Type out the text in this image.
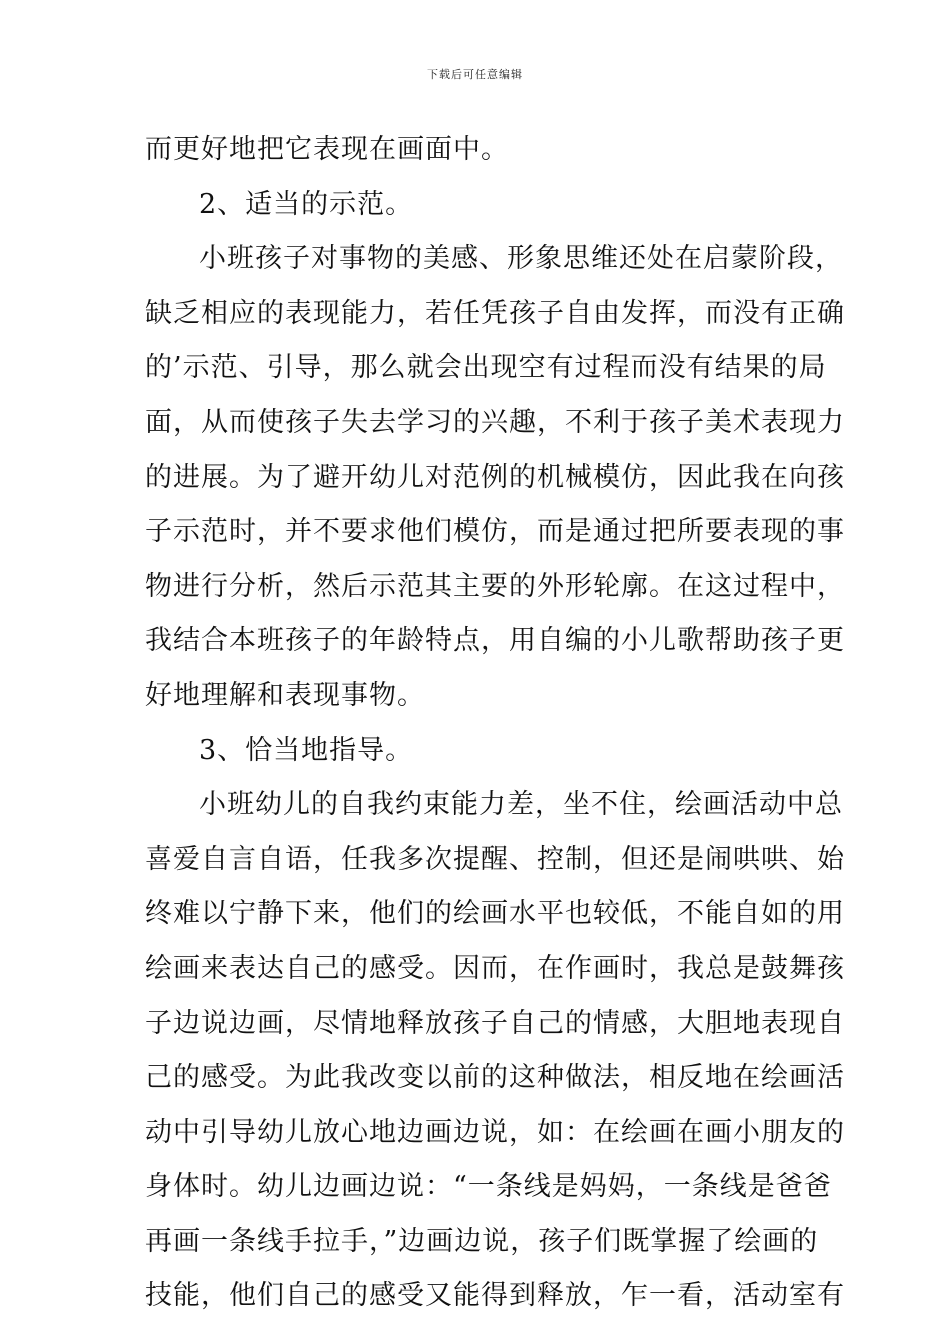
下载后可任意编辑
而更好地把它表现在画面中。
2、适当的示范。
小班孩子对事物的美感、形象思维还处在启蒙阶段，
缺乏相应的表现能力，若任凭孩子自由发挥，而没有正确
的’示范、引导，那么就会出现空有过程而没有结果的局
面，从而使孩子失去学习的兴趣，不利于孩子美术表现力
的进展。为了避开幼儿对范例的机械模仿，因此我在向孩
子示范时，并不要求他们模仿，而是通过把所要表现的事
物进行分析，然后示范其主要的外形轮廓。在这过程中，
我结合本班孩子的年龄特点，用自编的小儿歌帮助孩子更
好地理解和表现事物。
3、恰当地指导。
小班幼儿的自我约束能力差，坐不住，绘画活动中总
喜爱自言自语，任我多次提醒、控制，但还是闹哄哄、始
终难以宁静下来，他们的绘画水平也较低，不能自如的用
绘画来表达自己的感受。因而，在作画时，我总是鼓舞孩
子边说边画，尽情地释放孩子自己的情感，大胆地表现自
己的感受。为此我改变以前的这种做法，相反地在绘画活
动中引导幼儿放心地边画边说，如：在绘画在画小朋友的
身体时。幼儿边画边说：“一条线是妈妈，一条线是爸爸
再画一条线手拉手，”边画边说，孩子们既掌握了绘画的
技能，他们自己的感受又能得到释放，乍一看，活动室有
